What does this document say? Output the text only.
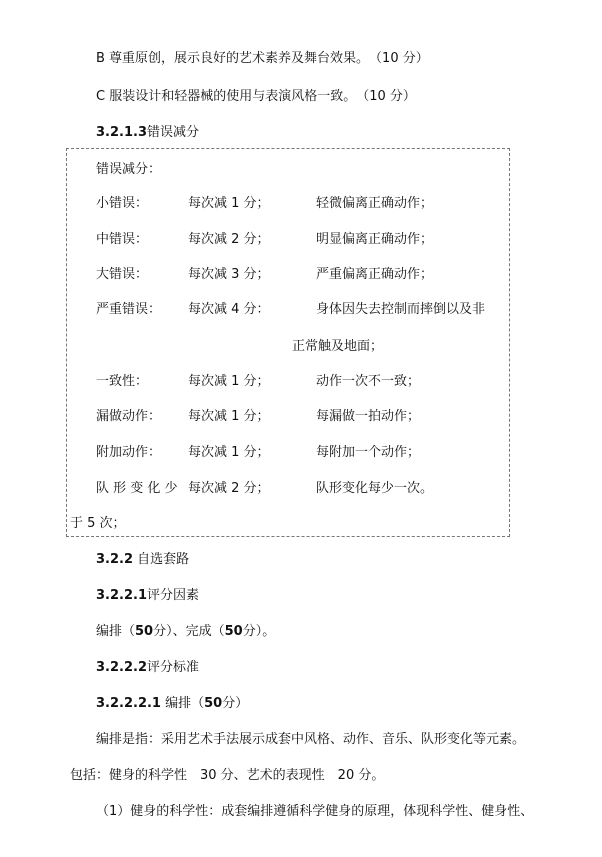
B 尊重原创，展示良好的艺术素养及舞台效果。　（10 分）
C 服装设计和轻器械的使用与表演风格一致。　（10 分）
3.2.1.3错误减分
错误减分：
小错误：	每次减 1 分；	轻微偏离正确动作；
中错误：	每次减 2 分；	明显偏离正确动作；
大错误：	每次减 3 分；	严重偏离正确动作；
严重错误： 每次减 4 分：	身体因失去控制而摔倒以及非
正常触及地面；
一致性：	每次减 1 分；	动作一次不一致；
漏做动作： 每次减 1 分；	每漏做一拍动作；
附加动作： 每次减 1 分；	每附加一个动作；
队 形 变 化 少 每次减 2 分；	队形变化每少一次。
于 5 次；
3.2.2 自选套路
3.2.2.1评分因素
编排（50分）、完成（50分）。
3.2.2.2评分标准
3.2.2.2.1 编排（50分）
编排是指：采用艺术手法展示成套中风格、动作、音乐、队形变化等元素。
包括：健身的科学性　30 分、艺术的表现性　20 分。
（1）健身的科学性：成套编排遵循科学健身的原理，体现科学性、健身性、
